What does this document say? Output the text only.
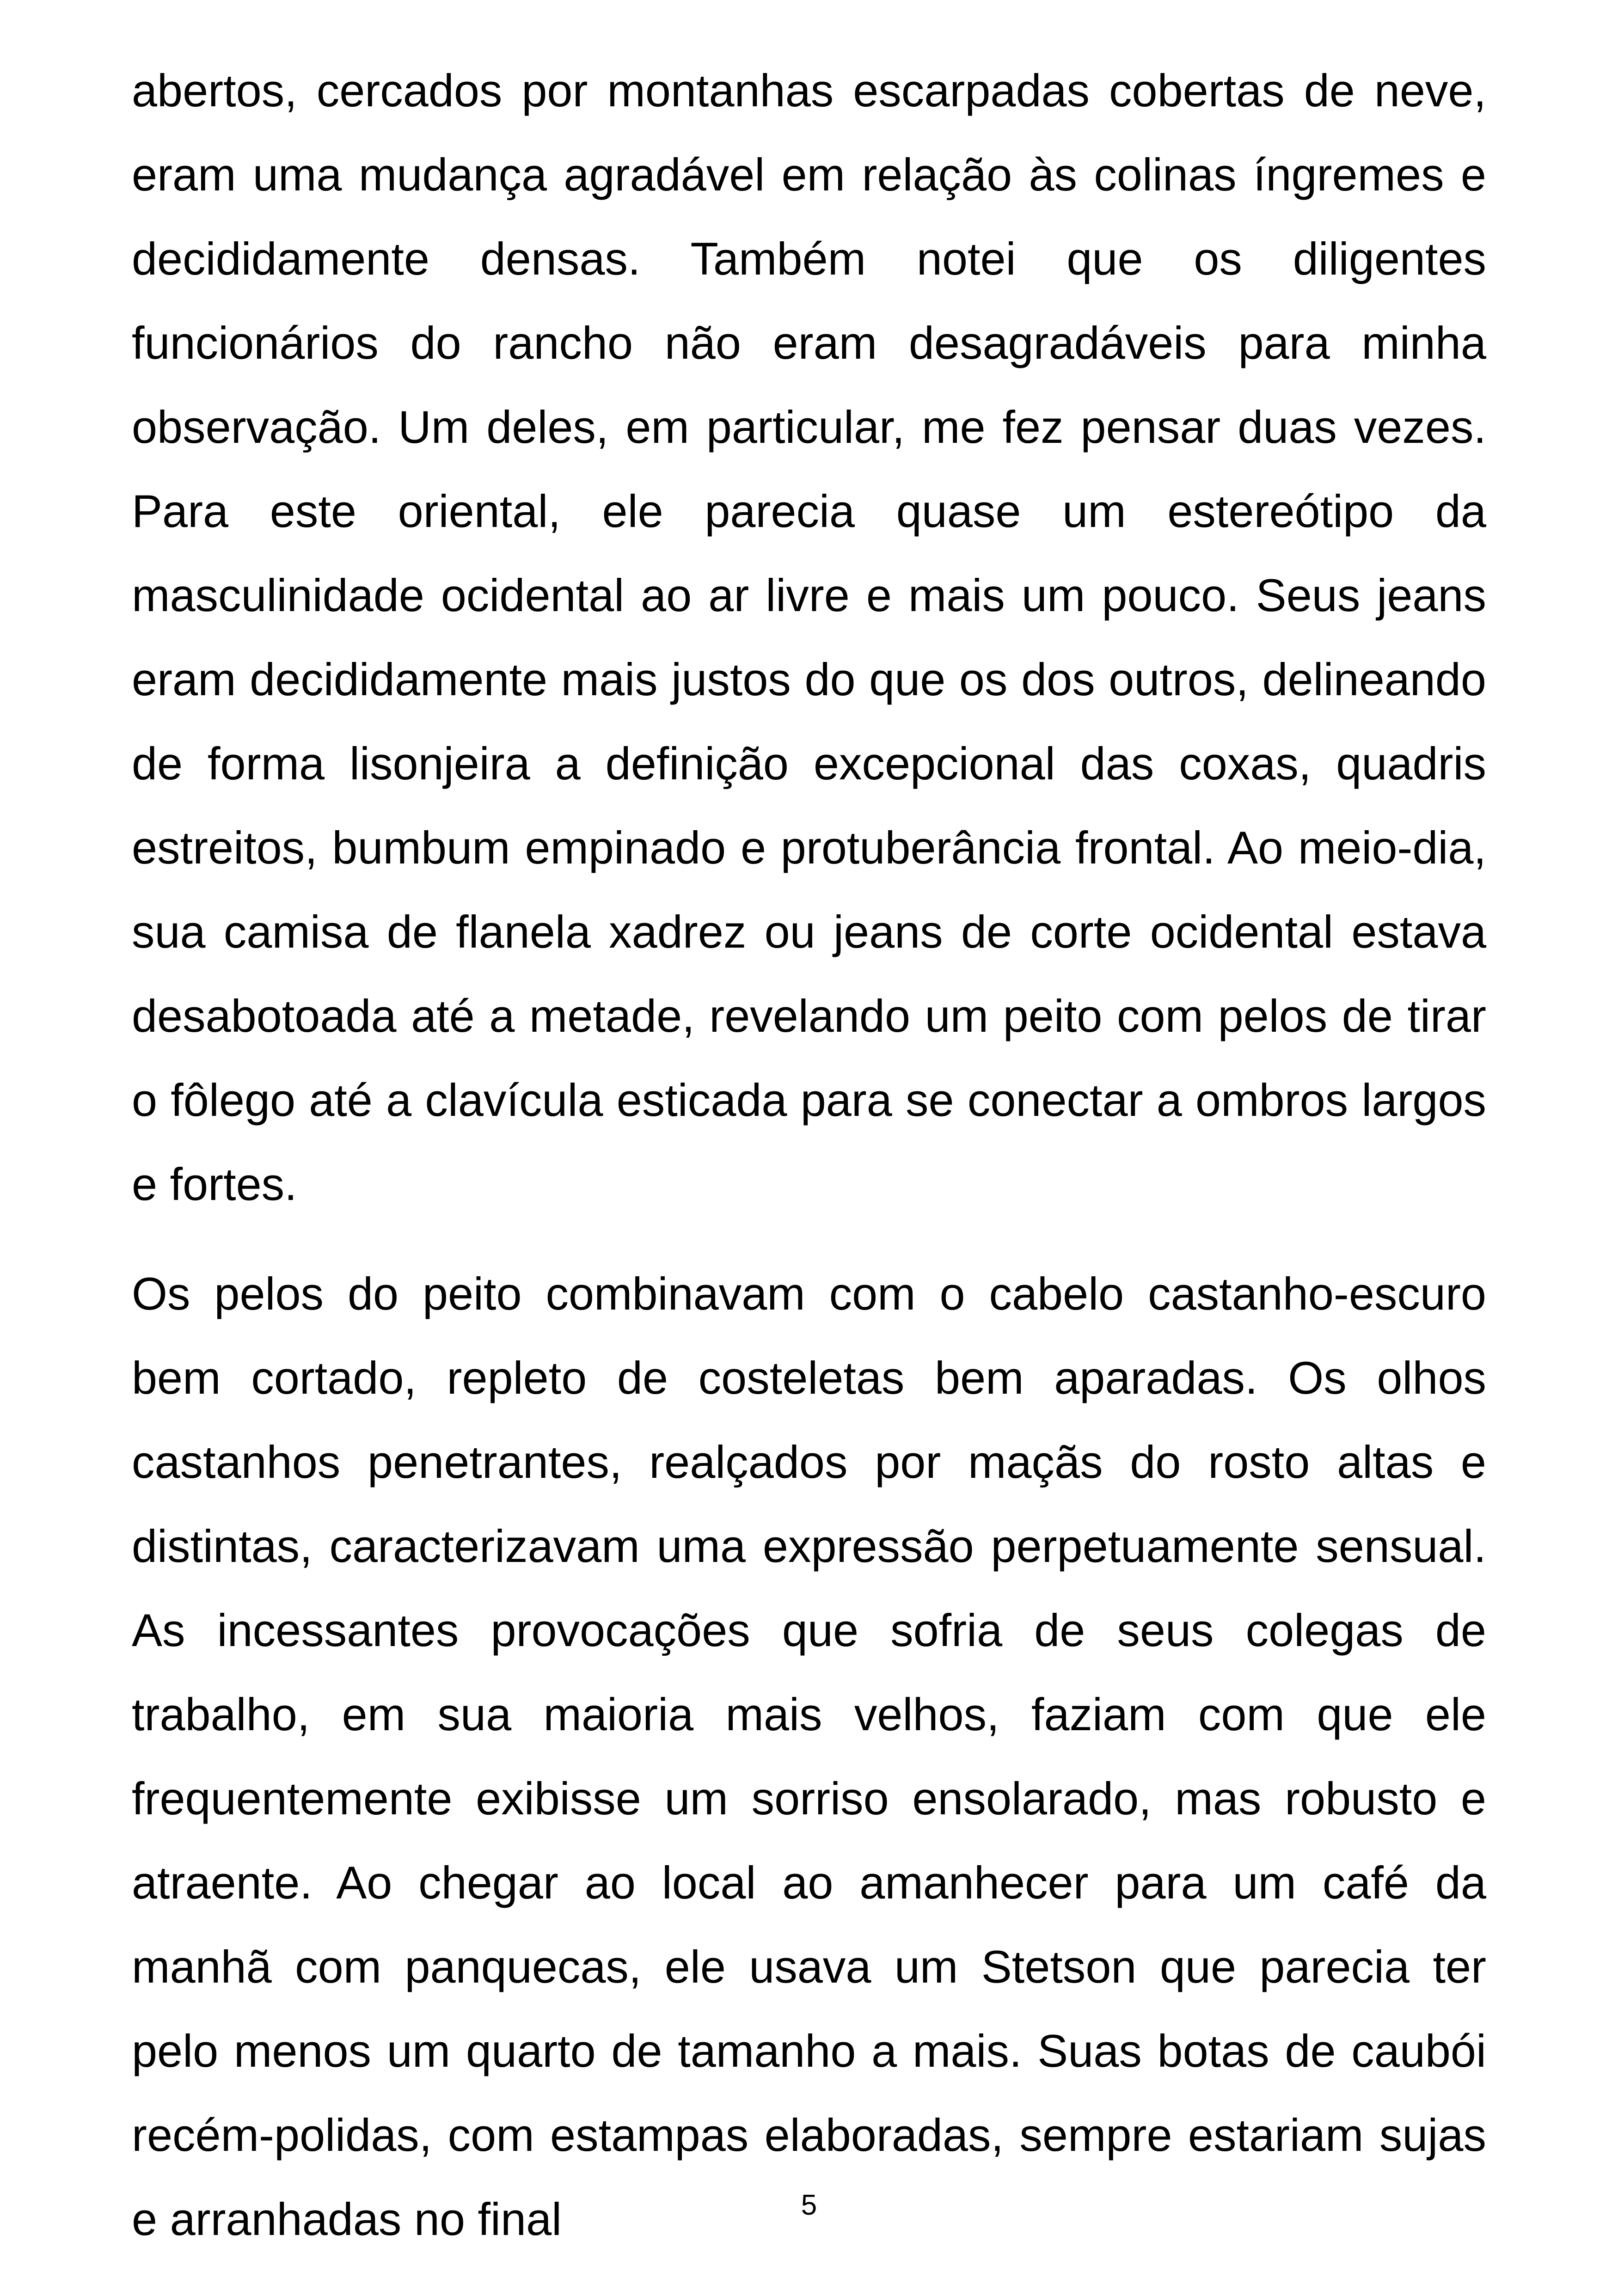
abertos, cercados por montanhas escarpadas cobertas de neve, eram uma mudança agradável em relação às colinas íngremes e decididamente densas. Também notei que os diligentes funcionários do rancho não eram desagradáveis para minha observação. Um deles, em particular, me fez pensar duas vezes. Para este oriental, ele parecia quase um estereótipo da masculinidade ocidental ao ar livre e mais um pouco. Seus jeans eram decididamente mais justos do que os dos outros, delineando de forma lisonjeira a definição excepcional das coxas, quadris estreitos, bumbum empinado e protuberância frontal. Ao meio-dia, sua camisa de flanela xadrez ou jeans de corte ocidental estava desabotoada até a metade, revelando um peito com pelos de tirar o fôlego até a clavícula esticada para se conectar a ombros largos e fortes.

Os pelos do peito combinavam com o cabelo castanho-escuro bem cortado, repleto de costeletas bem aparadas. Os olhos castanhos penetrantes, realçados por maçãs do rosto altas e distintas, caracterizavam uma expressão perpetuamente sensual. As incessantes provocações que sofria de seus colegas de trabalho, em sua maioria mais velhos, faziam com que ele frequentemente exibisse um sorriso ensolarado, mas robusto e atraente. Ao chegar ao local ao amanhecer para um café da manhã com panquecas, ele usava um Stetson que parecia ter pelo menos um quarto de tamanho a mais. Suas botas de caubói recém-polidas, com estampas elaboradas, sempre estariam sujas e arranhadas no final	5
